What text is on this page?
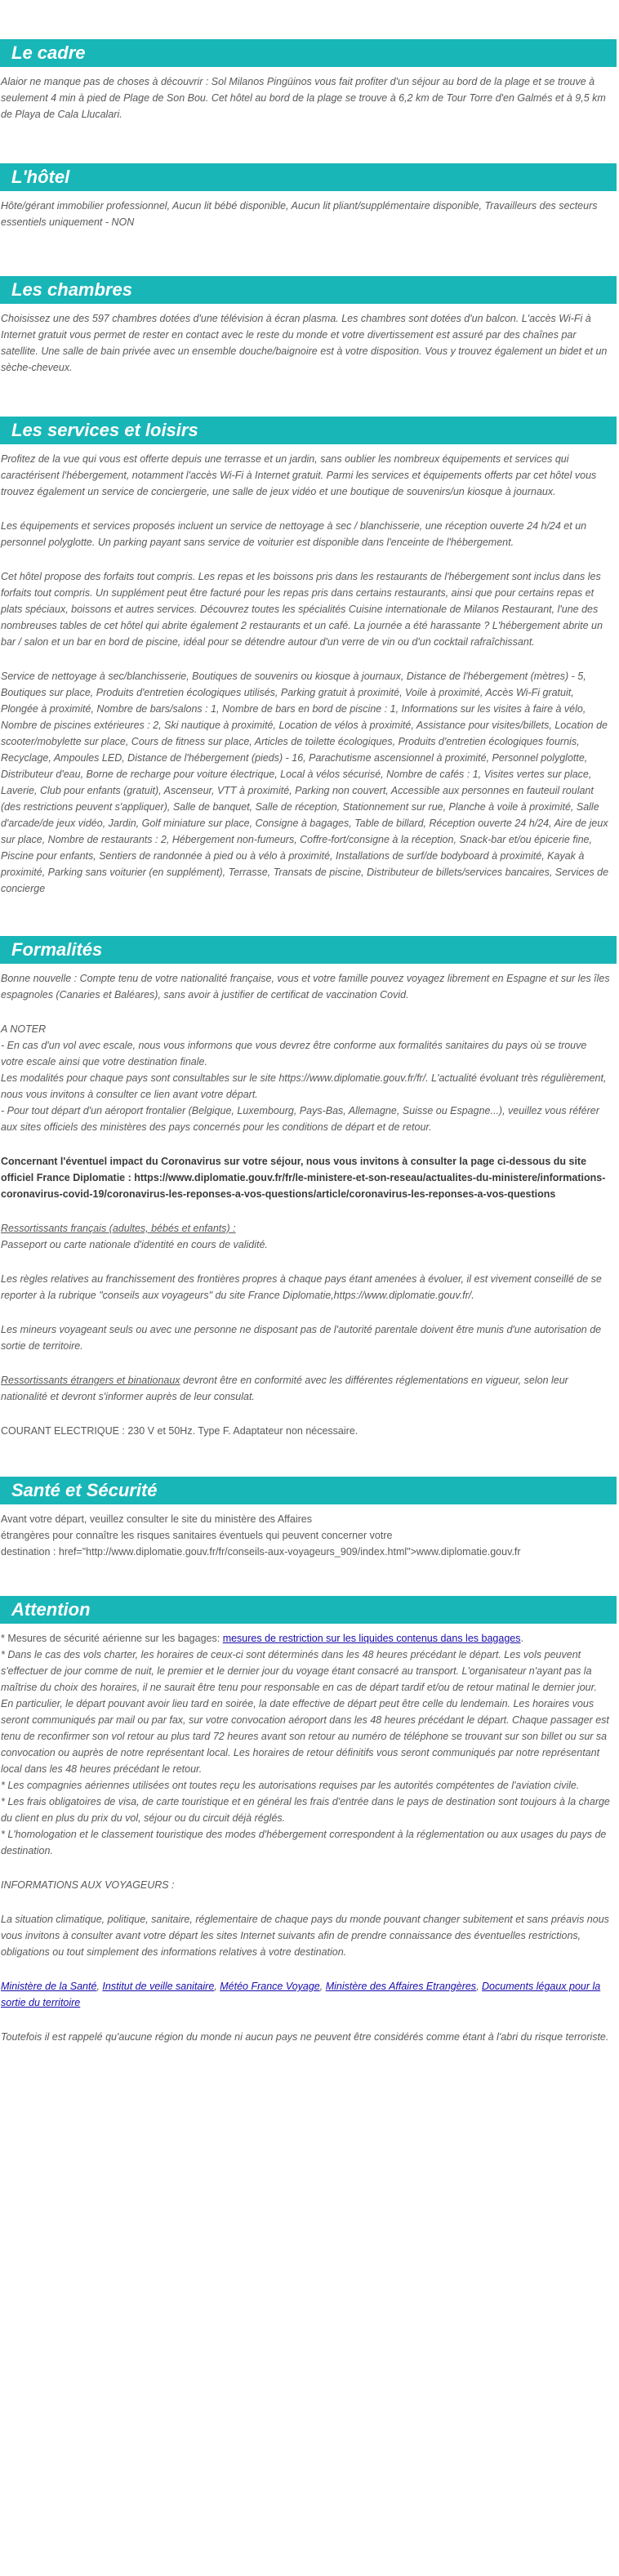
Le cadre

Alaior ne manque pas de choses à découvrir : Sol Milanos Pingüinos vous fait profiter d'un séjour au bord de la plage et se trouve à seulement 4 min à pied de Plage de Son Bou. Cet hôtel au bord de la plage se trouve à 6,2 km de Tour Torre d'en Galmés et à 9,5 km de Playa de Cala Llucalari.

L'hôtel

Hôte/gérant immobilier professionnel, Aucun lit bébé disponible, Aucun lit pliant/supplémentaire disponible, Travailleurs des secteurs essentiels uniquement - NON

Les chambres

Choisissez une des 597 chambres dotées d'une télévision à écran plasma. Les chambres sont dotées d'un balcon. L'accès Wi-Fi à Internet gratuit vous permet de rester en contact avec le reste du monde et votre divertissement est assuré par des chaînes par satellite. Une salle de bain privée avec un ensemble douche/baignoire est à votre disposition. Vous y trouvez également un bidet et un sèche-cheveux.

Les services et loisirs

Profitez de la vue qui vous est offerte depuis une terrasse et un jardin, sans oublier les nombreux équipements et services qui caractérisent l'hébergement, notamment l'accès Wi-Fi à Internet gratuit. Parmi les services et équipements offerts par cet hôtel vous trouvez également un service de conciergerie, une salle de jeux vidéo et une boutique de souvenirs/un kiosque à journaux.

Les équipements et services proposés incluent un service de nettoyage à sec / blanchisserie, une réception ouverte 24 h/24 et un personnel polyglotte. Un parking payant sans service de voiturier est disponible dans l'enceinte de l'hébergement.

Cet hôtel propose des forfaits tout compris. Les repas et les boissons pris dans les restaurants de l'hébergement sont inclus dans les forfaits tout compris. Un supplément peut être facturé pour les repas pris dans certains restaurants, ainsi que pour certains repas et plats spéciaux, boissons et autres services. Découvrez toutes les spécialités Cuisine internationale de Milanos Restaurant, l'une des nombreuses tables de cet hôtel qui abrite également 2 restaurants et un café. La journée a été harassante ? L'hébergement abrite un bar / salon et un bar en bord de piscine, idéal pour se détendre autour d'un verre de vin ou d'un cocktail rafraîchissant.

Service de nettoyage à sec/blanchisserie, Boutiques de souvenirs ou kiosque à journaux, Distance de l'hébergement (mètres) - 5, Boutiques sur place, Produits d'entretien écologiques utilisés, Parking gratuit à proximité, Voile à proximité, Accès Wi-Fi gratuit, Plongée à proximité, Nombre de bars/salons : 1, Nombre de bars en bord de piscine : 1, Informations sur les visites à faire à vélo, Nombre de piscines extérieures : 2, Ski nautique à proximité, Location de vélos à proximité, Assistance pour visites/billets, Location de scooter/mobylette sur place, Cours de fitness sur place, Articles de toilette écologiques, Produits d'entretien écologiques fournis, Recyclage, Ampoules LED, Distance de l'hébergement (pieds) - 16, Parachutisme ascensionnel à proximité, Personnel polyglotte, Distributeur d'eau, Borne de recharge pour voiture électrique, Local à vélos sécurisé, Nombre de cafés : 1, Visites vertes sur place, Laverie, Club pour enfants (gratuit), Ascenseur, VTT à proximité, Parking non couvert, Accessible aux personnes en fauteuil roulant (des restrictions peuvent s'appliquer), Salle de banquet, Salle de réception, Stationnement sur rue, Planche à voile à proximité, Salle d'arcade/de jeux vidéo, Jardin, Golf miniature sur place, Consigne à bagages, Table de billard, Réception ouverte 24 h/24, Aire de jeux sur place, Nombre de restaurants : 2, Hébergement non-fumeurs, Coffre-fort/consigne à la réception, Snack-bar et/ou épicerie fine, Piscine pour enfants, Sentiers de randonnée à pied ou à vélo à proximité, Installations de surf/de bodyboard à proximité, Kayak à proximité, Parking sans voiturier (en supplément), Terrasse, Transats de piscine, Distributeur de billets/services bancaires, Services de concierge

Formalités

Bonne nouvelle : Compte tenu de votre nationalité française, vous et votre famille pouvez voyagez librement en Espagne et sur les îles espagnoles (Canaries et Baléares), sans avoir à justifier de certificat de vaccination Covid.

A NOTER
- En cas d'un vol avec escale, nous vous informons que vous devrez être conforme aux formalités sanitaires du pays où se trouve votre escale ainsi que votre destination finale.
Les modalités pour chaque pays sont consultables sur le site https://www.diplomatie.gouv.fr/fr/. L'actualité évoluant très régulièrement, nous vous invitons à consulter ce lien avant votre départ.
- Pour tout départ d'un aéroport frontalier (Belgique, Luxembourg, Pays-Bas, Allemagne, Suisse ou Espagne...), veuillez vous référer aux sites officiels des ministères des pays concernés pour les conditions de départ et de retour.

Concernant l'éventuel impact du Coronavirus sur votre séjour, nous vous invitons à consulter la page ci-dessous du site officiel France Diplomatie : https://www.diplomatie.gouv.fr/fr/le-ministere-et-son-reseau/actualites-du-ministere/informations-coronavirus-covid-19/coronavirus-les-reponses-a-vos-questions/article/coronavirus-les-reponses-a-vos-questions

Ressortissants français (adultes, bébés et enfants) :
Passeport ou carte nationale d'identité en cours de validité.

Les règles relatives au franchissement des frontières propres à chaque pays étant amenées à évoluer, il est vivement conseillé de se reporter à la rubrique "conseils aux voyageurs" du site France Diplomatie,https://www.diplomatie.gouv.fr/.

Les mineurs voyageant seuls ou avec une personne ne disposant pas de l'autorité parentale doivent être munis d'une autorisation de sortie de territoire.

Ressortissants étrangers et binationaux devront être en conformité avec les différentes réglementations en vigueur, selon leur nationalité et devront s'informer auprès de leur consulat.

COURANT ELECTRIQUE : 230 V et 50Hz. Type F. Adaptateur non nécessaire.

Santé et Sécurité

Avant votre départ, veuillez consulter le site du ministère des Affaires
étrangères pour connaître les risques sanitaires éventuels qui peuvent concerner votre
destination : href="http://www.diplomatie.gouv.fr/fr/conseils-aux-voyageurs_909/index.html">www.diplomatie.gouv.fr

Attention

* Mesures de sécurité aérienne sur les bagages: mesures de restriction sur les liquides contenus dans les bagages.

* Dans le cas des vols charter, les horaires de ceux-ci sont déterminés dans les 48 heures précédant le départ. Les vols peuvent s'effectuer de jour comme de nuit, le premier et le dernier jour du voyage étant consacré au transport. L'organisateur n'ayant pas la maîtrise du choix des horaires, il ne saurait être tenu pour responsable en cas de départ tardif et/ou de retour matinal le dernier jour. En particulier, le départ pouvant avoir lieu tard en soirée, la date effective de départ peut être celle du lendemain. Les horaires vous seront communiqués par mail ou par fax, sur votre convocation aéroport dans les 48 heures précédant le départ. Chaque passager est tenu de reconfirmer son vol retour au plus tard 72 heures avant son retour au numéro de téléphone se trouvant sur son billet ou sur sa convocation ou auprès de notre représentant local. Les horaires de retour définitifs vous seront communiqués par notre représentant local dans les 48 heures précédant le retour.

* Les compagnies aériennes utilisées ont toutes reçu les autorisations requises par les autorités compétentes de l'aviation civile.

* Les frais obligatoires de visa, de carte touristique et en général les frais d'entrée dans le pays de destination sont toujours à la charge du client en plus du prix du vol, séjour ou du circuit déjà réglés.

* L'homologation et le classement touristique des modes d'hébergement correspondent à la réglementation ou aux usages du pays de destination.

INFORMATIONS AUX VOYAGEURS :

La situation climatique, politique, sanitaire, réglementaire de chaque pays du monde pouvant changer subitement et sans préavis nous vous invitons à consulter avant votre départ les sites Internet suivants afin de prendre connaissance des éventuelles restrictions, obligations ou tout simplement des informations relatives à votre destination.

Ministère de la Santé, Institut de veille sanitaire, Météo France Voyage, Ministère des Affaires Etrangères, Documents légaux pour la sortie du territoire

Toutefois il est rappelé qu'aucune région du monde ni aucun pays ne peuvent être considérés comme étant à l'abri du risque terroriste.
